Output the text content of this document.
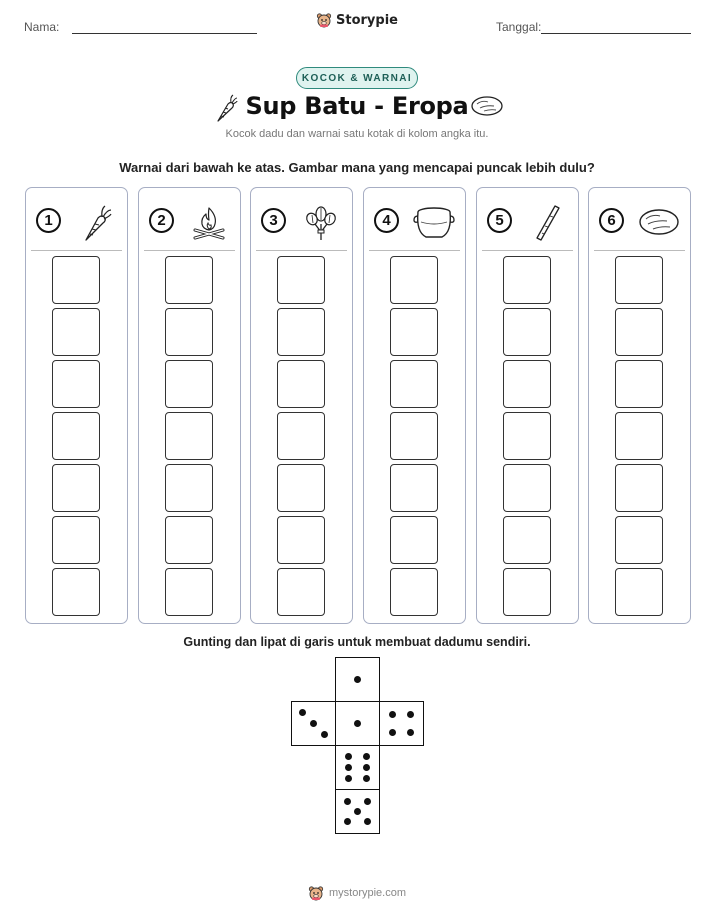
Nama:	Storypie	Tanggal:
KOCOK & WARNAI
Sup Batu - Eropa
Kocok dadu dan warnai satu kotak di kolom angka itu.
Warnai dari bawah ke atas. Gambar mana yang mencapai puncak lebih dulu?
1	2	3	4	5	6
Gunting dan lipat di garis untuk membuat dadumu sendiri.
mystorypie.com
